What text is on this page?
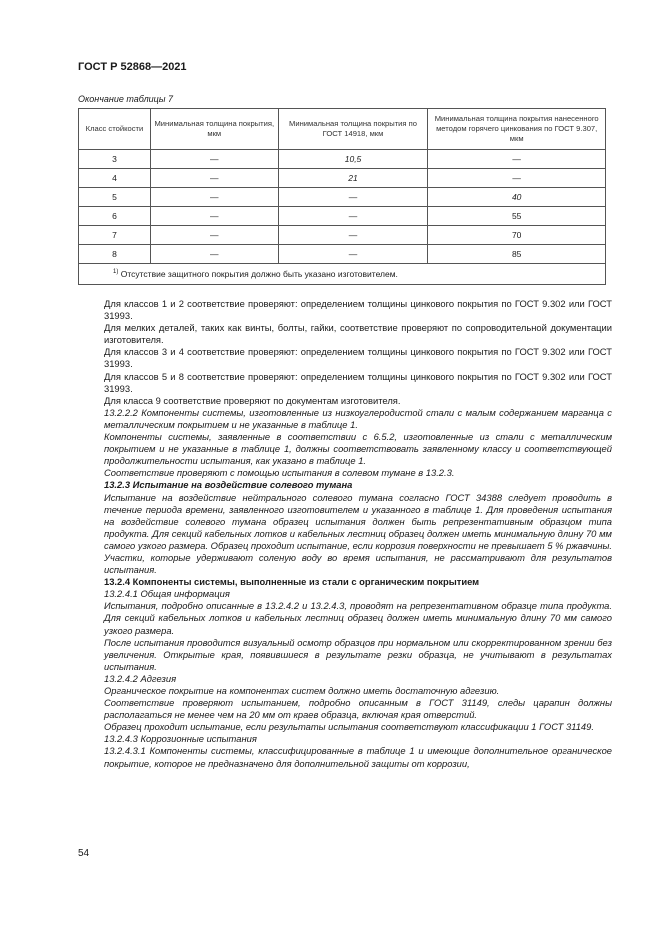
ГОСТ Р 52868—2021
Окончание таблицы 7
Класс стойкости	Минимальная толщина покрытия, мкм	Минимальная толщина покрытия по ГОСТ 14918, мкм	Минимальная толщина покрытия нанесенного методом горячего цинкования по ГОСТ 9.307, мкм
3	—	10,5	—
4	—	21	—
5	—	—	40
6	—	—	55
7	—	—	70
8	—	—	85
$^{1)}$ Отсутствие защитного покрытия должно быть указано изготовителем.			

Для классов 1 и 2 соответствие проверяют: определением толщины цинкового покрытия по ГОСТ 9.302 или ГОСТ 31993.

Для мелких деталей, таких как винты, болты, гайки, соответствие проверяют по сопроводительной документации изготовителя.

Для классов 3 и 4 соответствие проверяют: определением толщины цинкового покрытия по ГОСТ 9.302 или ГОСТ 31993.

Для классов 5 и 8 соответствие проверяют: определением толщины цинкового покрытия по ГОСТ 9.302 или ГОСТ 31993.

Для класса 9 соответствие проверяют по документам изготовителя.

13.2.2.2 Компоненты системы, изготовленные из низкоуглеродистой стали с малым содержанием марганца с металлическим покрытием и не указанные в таблице 1.

Компоненты системы, заявленные в соответствии с 6.5.2, изготовленные из стали с металлическим покрытием и не указанные в таблице 1, должны соответствовать заявленному классу и соответствующей продолжительности испытания, как указано в таблице 1.

Соответствие проверяют с помощью испытания в солевом тумане в 13.2.3.

13.2.3 Испытание на воздействие солевого тумана

Испытание на воздействие нейтрального солевого тумана согласно ГОСТ 34388 следует проводить в течение периода времени, заявленного изготовителем и указанного в таблице 1. Для проведения испытания на воздействие солевого тумана образец испытания должен быть репрезентативным образцом типа продукта. Для секций кабельных лотков и кабельных лестниц образец должен иметь минимальную длину 70 мм самого узкого размера. Образец проходит испытание, если коррозия поверхности не превышает 5 % ржавчины. Участки, которые удерживают соленую воду во время испытания, не рассматривают для результатов испытания.

13.2.4 Компоненты системы, выполненные из стали с органическим покрытием

13.2.4.1 Общая информация

Испытания, подробно описанные в 13.2.4.2 и 13.2.4.3, проводят на репрезентативном образце типа продукта. Для секций кабельных лотков и кабельных лестниц образец должен иметь минимальную длину 70 мм самого узкого размера.

После испытания проводится визуальный осмотр образцов при нормальном или скорректированном зрении без увеличения. Открытые края, появившиеся в результате резки образца, не учитывают в результатах испытания.

13.2.4.2 Адгезия

Органическое покрытие на компонентах систем должно иметь достаточную адгезию.

Соответствие проверяют испытанием, подробно описанным в ГОСТ 31149, следы царапин должны располагаться не менее чем на 20 мм от краев образца, включая края отверстий.

Образец проходит испытание, если результаты испытания соответствуют классификации 1 ГОСТ 31149.

13.2.4.3 Коррозионные испытания

13.2.4.3.1 Компоненты системы, классифицированные в таблице 1 и имеющие дополнительное органическое покрытие, которое не предназначено для дополнительной защиты от коррозии,

54
